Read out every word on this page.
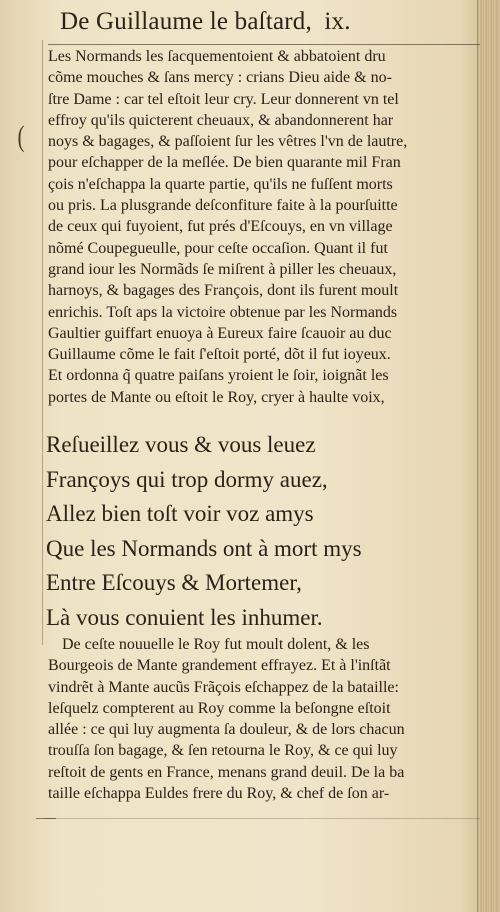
De Guillaume le baſtard, ix.
(
Les Normands les ſacquementoient & abbatoient dru
cõme mouches & ſans mercy : crians Dieu aide & no-
ſtre Dame : car tel eſtoit leur cry. Leur donnerent vn tel
effroy qu'ils quicterent cheuaux, & abandonnerent har
noys & bagages, & paſſoient ſur les vêtres l'vn de lautre,
pour eſchapper de la meſlée. De bien quarante mil Fran
çois n'eſchappa la quarte partie, qu'ils ne fuſſent morts
ou pris. La plusgrande deſconfiture faite à la pourſuitte
de ceux qui fuyoient, fut prés d'Eſcouys, en vn village
nõmé Coupegueulle, pour ceſte occaſion. Quant il fut
grand iour les Normãds ſe miſrent à piller les cheuaux,
harnoys, & bagages des François, dont ils furent moult
enrichis. Toſt aps la victoire obtenue par les Normands
Gaultier guiffart enuoya à Eureux faire ſcauoir au duc
Guillaume cõme le fait ſ'eſtoit porté, dõt il fut ioyeux.
Et ordonna q̃ quatre paiſans yroient le ſoir, ioignãt les
portes de Mante ou eſtoit le Roy, cryer à haulte voix,
Reſueillez vous & vous leuez
Françoys qui trop dormy auez,
Allez bien toſt voir voz amys
Que les Normands ont à mort mys
Entre Eſcouys & Mortemer,
Là vous conuient les inhumer.
De ceſte nouuelle le Roy fut moult dolent, & les
Bourgeois de Mante grandement effrayez. Et à l'inſtãt
vindrẽt à Mante aucũs Frãçois eſchappez de la bataille:
leſquelz compterent au Roy comme la beſongne eſtoit
allée : ce qui luy augmenta ſa douleur, & de lors chacun
trouſſa ſon bagage, & ſen retourna le Roy, & ce qui luy
reſtoit de gents en France, menans grand deuil. De la ba
taille eſchappa Euldes frere du Roy, & chef de ſon ar-
